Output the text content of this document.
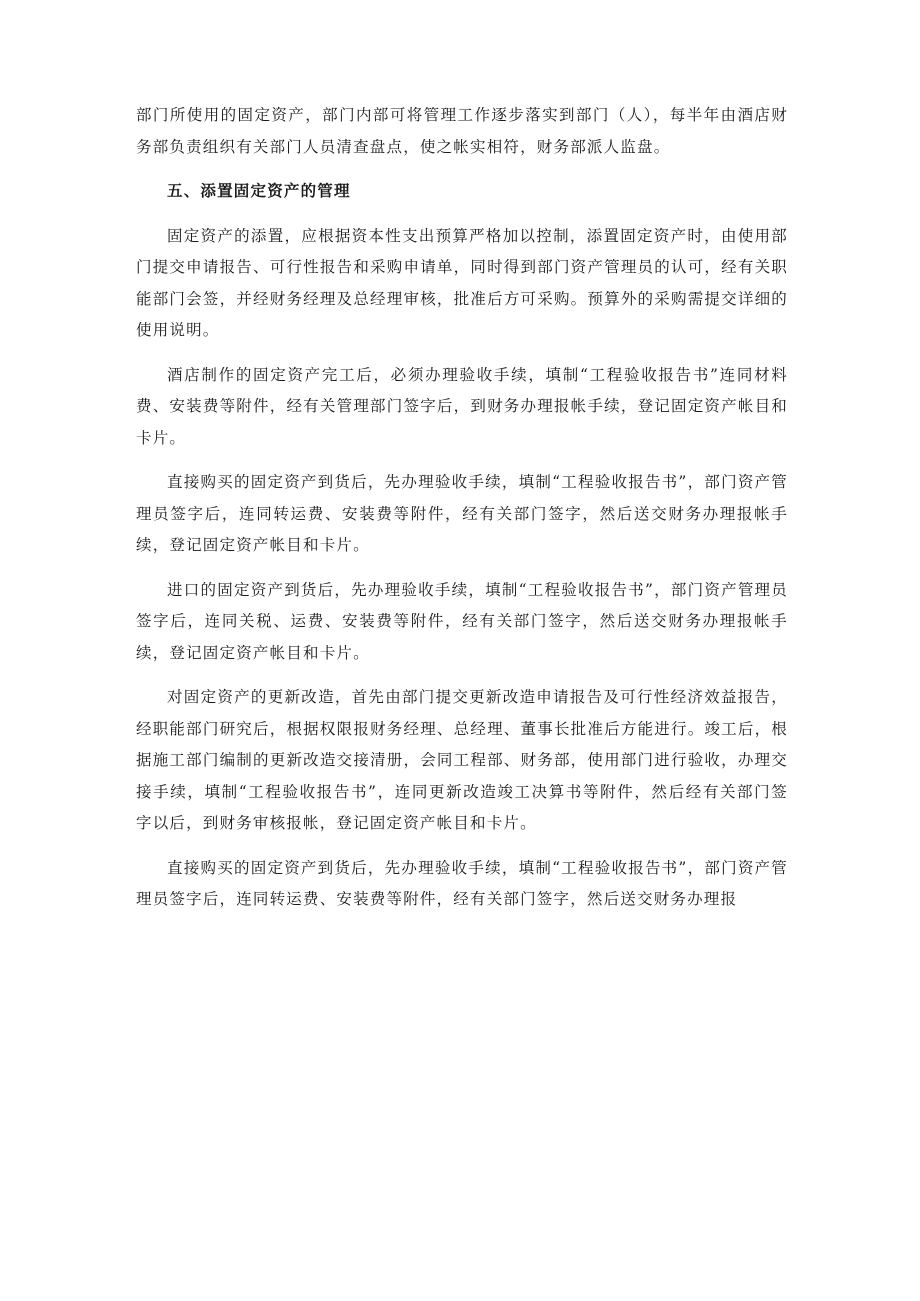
部门所使用的固定资产，部门内部可将管理工作逐步落实到部门（人），每半年由酒店财务部负责组织有关部门人员清查盘点，使之帐实相符，财务部派人监盘。

五、添置固定资产的管理

固定资产的添置，应根据资本性支出预算严格加以控制，添置固定资产时，由使用部门提交申请报告、可行性报告和采购申请单，同时得到部门资产管理员的认可，经有关职能部门会签，并经财务经理及总经理审核，批准后方可采购。预算外的采购需提交详细的使用说明。

酒店制作的固定资产完工后，必须办理验收手续，填制“工程验收报告书”连同材料费、安装费等附件，经有关管理部门签字后，到财务办理报帐手续，登记固定资产帐目和卡片。

直接购买的固定资产到货后，先办理验收手续，填制“工程验收报告书”，部门资产管理员签字后，连同转运费、安装费等附件，经有关部门签字，然后送交财务办理报帐手续，登记固定资产帐目和卡片。

进口的固定资产到货后，先办理验收手续，填制“工程验收报告书”，部门资产管理员签字后，连同关税、运费、安装费等附件，经有关部门签字，然后送交财务办理报帐手续，登记固定资产帐目和卡片。

对固定资产的更新改造，首先由部门提交更新改造申请报告及可行性经济效益报告，经职能部门研究后，根据权限报财务经理、总经理、董事长批准后方能进行。竣工后，根据施工部门编制的更新改造交接清册，会同工程部、财务部，使用部门进行验收，办理交接手续，填制“工程验收报告书”，连同更新改造竣工决算书等附件，然后经有关部门签字以后，到财务审核报帐，登记固定资产帐目和卡片。

直接购买的固定资产到货后，先办理验收手续，填制“工程验收报告书”，部门资产管理员签字后，连同转运费、安装费等附件，经有关部门签字，然后送交财务办理报
